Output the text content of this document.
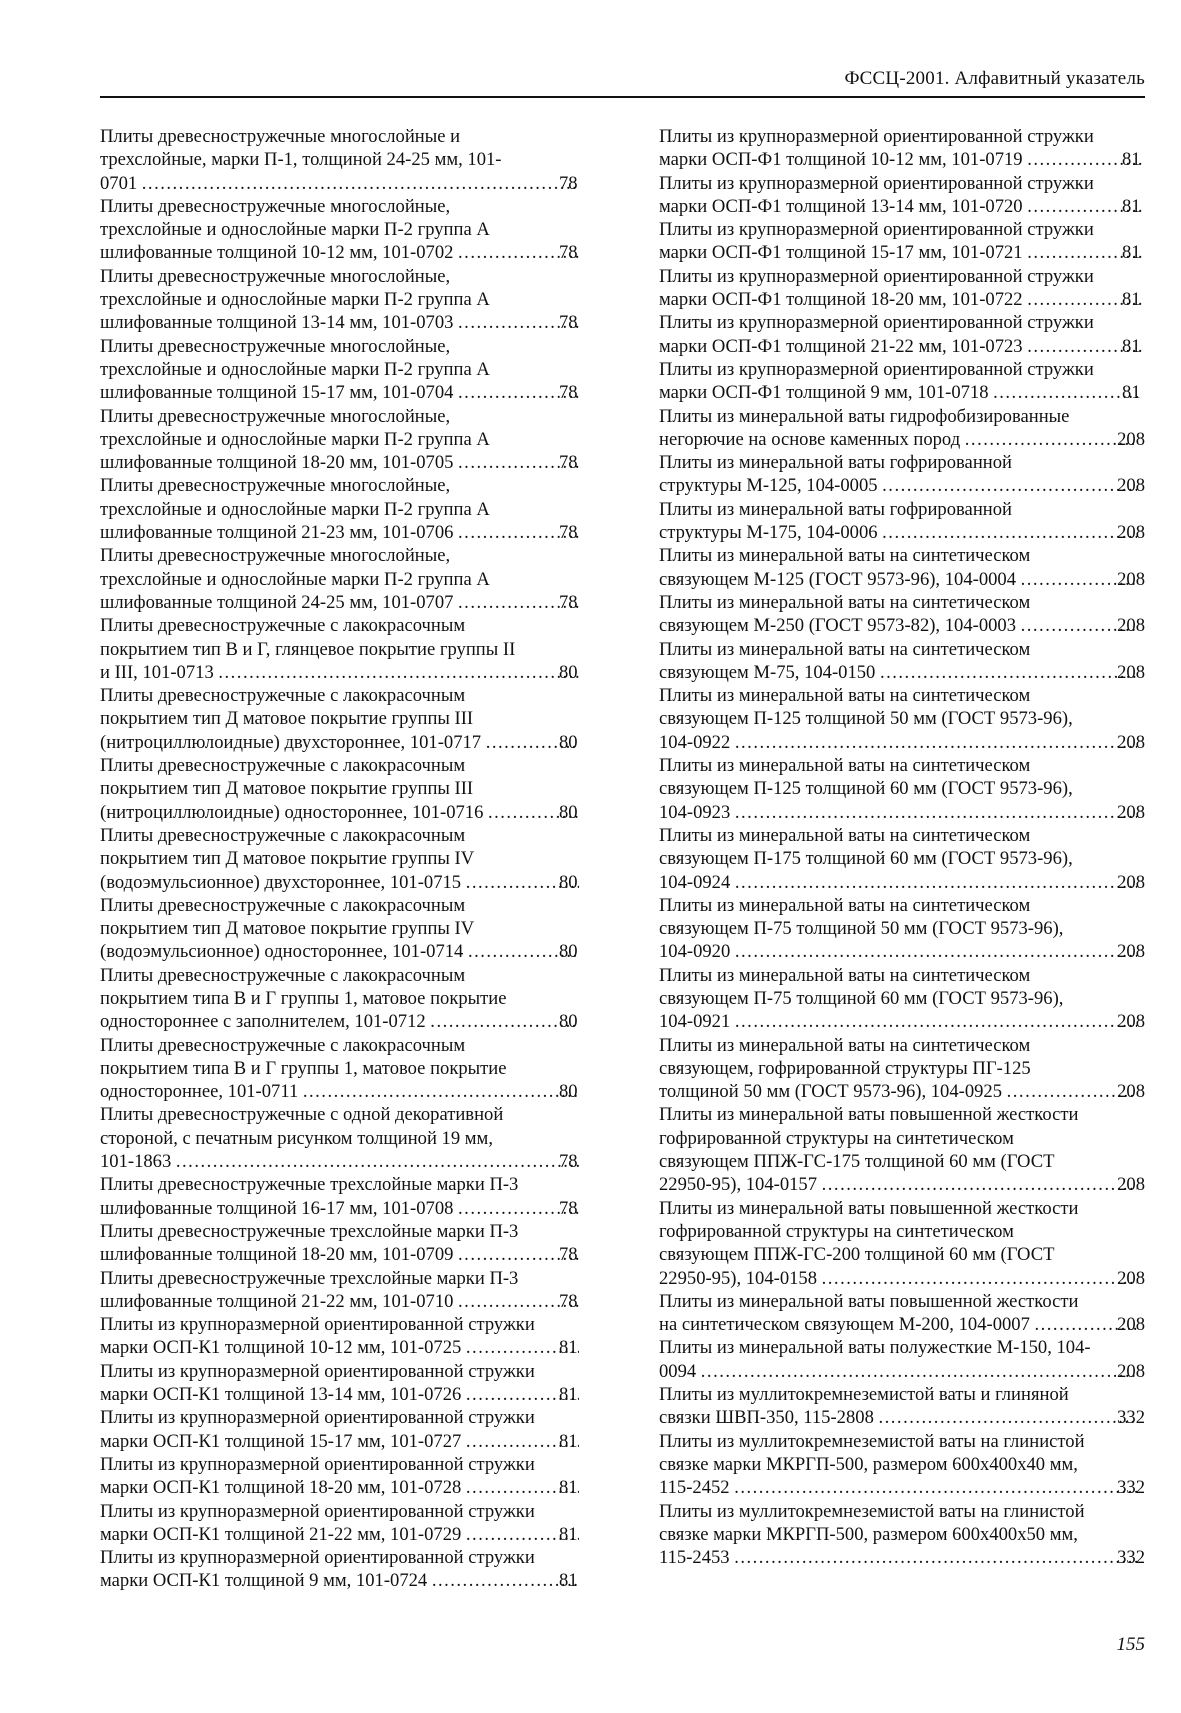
ФССЦ-2001. Алфавитный указатель
Плиты древесностружечные многослойные и
трехслойные, марки П-1, толщиной 24-25 мм, 101-
0701 .....	78
Плиты древесностружечные многослойные,
трехслойные и однослойные марки П-2 группа А
шлифованные толщиной 10-12 мм, 101-0702 .....	78
Плиты древесностружечные многослойные,
трехслойные и однослойные марки П-2 группа А
шлифованные толщиной 13-14 мм, 101-0703 .....	78
Плиты древесностружечные многослойные,
трехслойные и однослойные марки П-2 группа А
шлифованные толщиной 15-17 мм, 101-0704 .....	78
Плиты древесностружечные многослойные,
трехслойные и однослойные марки П-2 группа А
шлифованные толщиной 18-20 мм, 101-0705 .....	78
Плиты древесностружечные многослойные,
трехслойные и однослойные марки П-2 группа А
шлифованные толщиной 21-23 мм, 101-0706 .....	78
Плиты древесностружечные многослойные,
трехслойные и однослойные марки П-2 группа А
шлифованные толщиной 24-25 мм, 101-0707 .....	78
Плиты древесностружечные с лакокрасочным
покрытием тип В и Г, глянцевое покрытие группы II
и III, 101-0713 .....	80
Плиты древесностружечные с лакокрасочным
покрытием тип Д матовое покрытие группы III
(нитроциллюлоидные) двухстороннее, 101-0717 .....	80
Плиты древесностружечные с лакокрасочным
покрытием тип Д матовое покрытие группы III
(нитроциллюлоидные) одностороннее, 101-0716 .....	80
Плиты древесностружечные с лакокрасочным
покрытием тип Д матовое покрытие группы IV
(водоэмульсионное) двухстороннее, 101-0715 .....	80
Плиты древесностружечные с лакокрасочным
покрытием тип Д матовое покрытие группы IV
(водоэмульсионное) одностороннее, 101-0714 .....	80
Плиты древесностружечные с лакокрасочным
покрытием типа В и Г группы 1, матовое покрытие
одностороннее с заполнителем, 101-0712 .....	80
Плиты древесностружечные с лакокрасочным
покрытием типа В и Г группы 1, матовое покрытие
одностороннее, 101-0711 .....	80
Плиты древесностружечные с одной декоративной
стороной, с печатным рисунком толщиной 19 мм,
101-1863 .....	78
Плиты древесностружечные трехслойные марки П-3
шлифованные толщиной 16-17 мм, 101-0708 .....	78
Плиты древесностружечные трехслойные марки П-3
шлифованные толщиной 18-20 мм, 101-0709 .....	78
Плиты древесностружечные трехслойные марки П-3
шлифованные толщиной 21-22 мм, 101-0710 .....	78
Плиты из крупноразмерной ориентированной стружки
марки ОСП-К1 толщиной 10-12 мм, 101-0725 .....	81
Плиты из крупноразмерной ориентированной стружки
марки ОСП-К1 толщиной 13-14 мм, 101-0726 .....	81
Плиты из крупноразмерной ориентированной стружки
марки ОСП-К1 толщиной 15-17 мм, 101-0727 .....	81
Плиты из крупноразмерной ориентированной стружки
марки ОСП-К1 толщиной 18-20 мм, 101-0728 .....	81
Плиты из крупноразмерной ориентированной стружки
марки ОСП-К1 толщиной 21-22 мм, 101-0729 .....	81
Плиты из крупноразмерной ориентированной стружки
марки ОСП-К1 толщиной 9 мм, 101-0724 .....	81
Плиты из крупноразмерной ориентированной стружки
марки ОСП-Ф1 толщиной 10-12 мм, 101-0719 .....	81
Плиты из крупноразмерной ориентированной стружки
марки ОСП-Ф1 толщиной 13-14 мм, 101-0720 .....	81
Плиты из крупноразмерной ориентированной стружки
марки ОСП-Ф1 толщиной 15-17 мм, 101-0721 .....	81
Плиты из крупноразмерной ориентированной стружки
марки ОСП-Ф1 толщиной 18-20 мм, 101-0722 .....	81
Плиты из крупноразмерной ориентированной стружки
марки ОСП-Ф1 толщиной 21-22 мм, 101-0723 .....	81
Плиты из крупноразмерной ориентированной стружки
марки ОСП-Ф1 толщиной 9 мм, 101-0718 .....	81
Плиты из минеральной ваты гидрофобизированные
негорючие на основе каменных пород .....	208
Плиты из минеральной ваты гофрированной
структуры М-125, 104-0005 .....	208
Плиты из минеральной ваты гофрированной
структуры М-175, 104-0006 .....	208
Плиты из минеральной ваты на синтетическом
связующем М-125 (ГОСТ 9573-96), 104-0004 .....	208
Плиты из минеральной ваты на синтетическом
связующем М-250 (ГОСТ 9573-82), 104-0003 .....	208
Плиты из минеральной ваты на синтетическом
связующем М-75, 104-0150 .....	208
Плиты из минеральной ваты на синтетическом
связующем П-125 толщиной 50 мм (ГОСТ 9573-96),
104-0922 .....	208
Плиты из минеральной ваты на синтетическом
связующем П-125 толщиной 60 мм (ГОСТ 9573-96),
104-0923 .....	208
Плиты из минеральной ваты на синтетическом
связующем П-175 толщиной 60 мм (ГОСТ 9573-96),
104-0924 .....	208
Плиты из минеральной ваты на синтетическом
связующем П-75 толщиной 50 мм (ГОСТ 9573-96),
104-0920 .....	208
Плиты из минеральной ваты на синтетическом
связующем П-75 толщиной 60 мм (ГОСТ 9573-96),
104-0921 .....	208
Плиты из минеральной ваты на синтетическом
связующем, гофрированной структуры ПГ-125
толщиной 50 мм (ГОСТ 9573-96), 104-0925 .....	208
Плиты из минеральной ваты повышенной жесткости
гофрированной структуры на синтетическом
связующем ППЖ-ГС-175 толщиной 60 мм (ГОСТ
22950-95), 104-0157 .....	208
Плиты из минеральной ваты повышенной жесткости
гофрированной структуры на синтетическом
связующем ППЖ-ГС-200 толщиной 60 мм (ГОСТ
22950-95), 104-0158 .....	208
Плиты из минеральной ваты повышенной жесткости
на синтетическом связующем М-200, 104-0007 .....	208
Плиты из минеральной ваты полужесткие М-150, 104-
0094 .....	208
Плиты из муллитокремнеземистой ваты и глиняной
связки ШВП-350, 115-2808 .....	332
Плиты из муллитокремнеземистой ваты на глинистой
связке марки МКРГП-500, размером 600х400х40 мм,
115-2452 .....	332
Плиты из муллитокремнеземистой ваты на глинистой
связке марки МКРГП-500, размером 600х400х50 мм,
115-2453 .....	332
155
